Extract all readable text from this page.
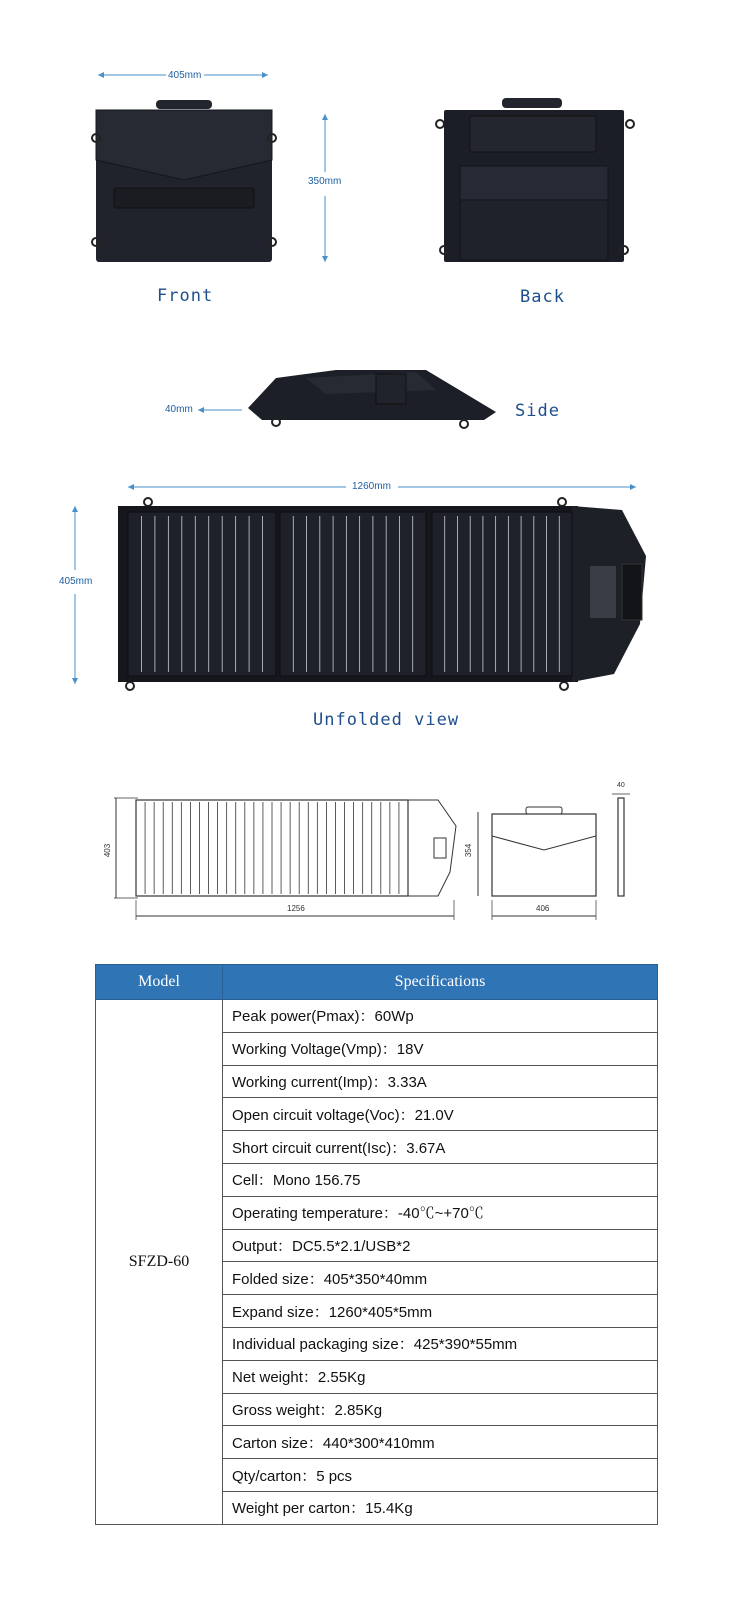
405mm
350mm
Front	Back
40mm	Side
1260mm
405mm
Unfolded view
403
1256
354
406
40
Model	Specifications
SFZD-60	Peak power(Pmax)：60Wp
	Working Voltage(Vmp)：18V
	Working current(Imp)：3.33A
	Open circuit voltage(Voc)：21.0V
	Short circuit current(Isc)：3.67A
	Cell：Mono 156.75
	Operating temperature：-40℃~+70℃
	Output：DC5.5*2.1/USB*2
	Folded size：405*350*40mm
	Expand size：1260*405*5mm
	Individual packaging size：425*390*55mm
	Net weight：2.55Kg
	Gross weight：2.85Kg
	Carton size：440*300*410mm
	Qty/carton：5 pcs
	Weight per carton：15.4Kg
